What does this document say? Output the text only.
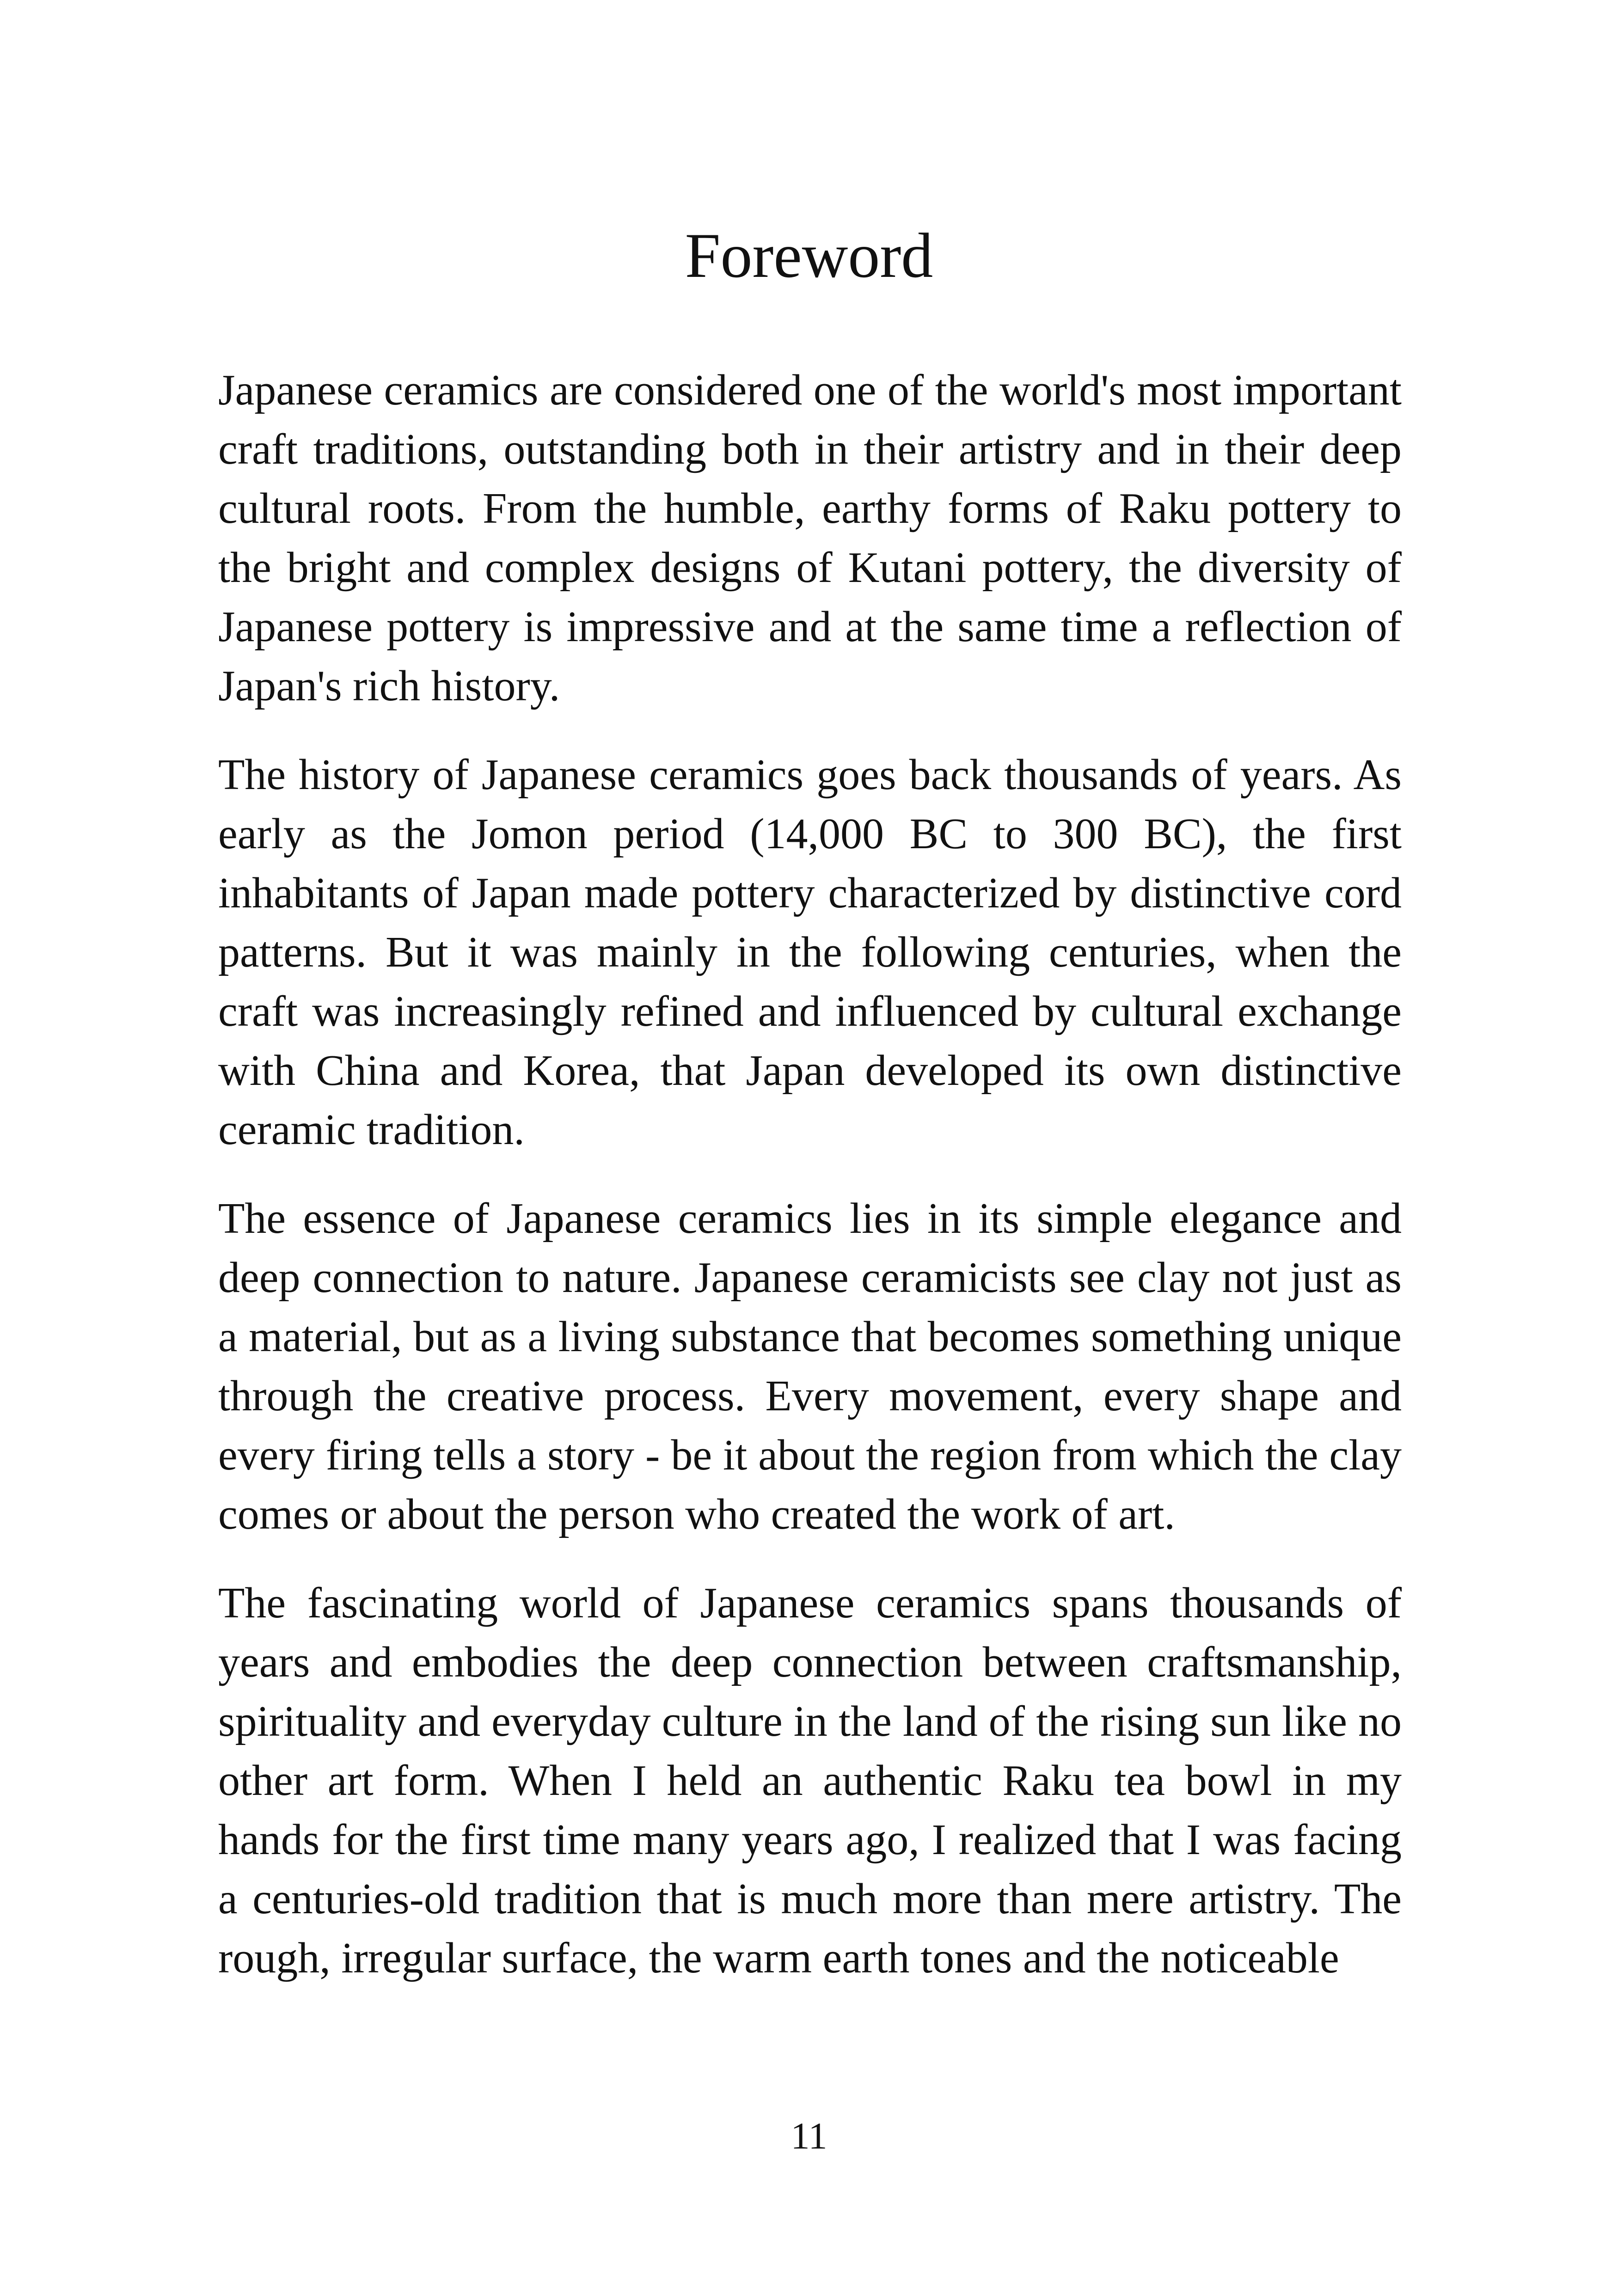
Foreword

Japanese ceramics are considered one of the world's most important craft traditions, outstanding both in their artistry and in their deep cultural roots. From the humble, earthy forms of Raku pottery to the bright and complex designs of Kutani pottery, the diversity of Japanese pottery is impressive and at the same time a reflection of Japan's rich history.

The history of Japanese ceramics goes back thousands of years. As early as the Jomon period (14,000 BC to 300 BC), the first inhabitants of Japan made pottery characterized by distinctive cord patterns. But it was mainly in the following centuries, when the craft was increasingly refined and influenced by cultural exchange with China and Korea, that Japan developed its own distinctive ceramic tradition.

The essence of Japanese ceramics lies in its simple elegance and deep connection to nature. Japanese ceramicists see clay not just as a material, but as a living substance that becomes something unique through the creative process. Every movement, every shape and every firing tells a story - be it about the region from which the clay comes or about the person who created the work of art.

The fascinating world of Japanese ceramics spans thousands of years and embodies the deep connection between craftsmanship, spirituality and everyday culture in the land of the rising sun like no other art form. When I held an authentic Raku tea bowl in my hands for the first time many years ago, I realized that I was facing a centuries-old tradition that is much more than mere artistry. The rough, irregular surface, the warm earth tones and the noticeable

11
